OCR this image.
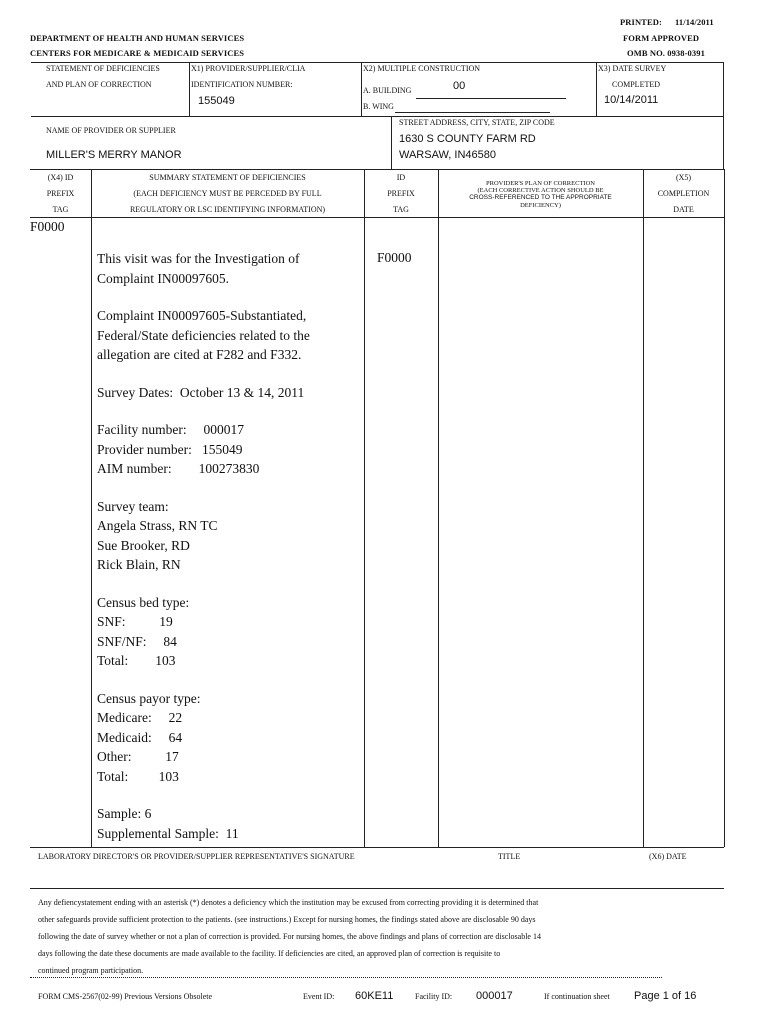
PRINTED: 11/14/2011
FORM APPROVED
OMB NO. 0938-0391
DEPARTMENT OF HEALTH AND HUMAN SERVICES
CENTERS FOR MEDICARE & MEDICAID SERVICES
STATEMENT OF DEFICIENCIES
AND PLAN OF CORRECTION
X1) PROVIDER/SUPPLIER/CLIA
IDENTIFICATION NUMBER:
155049
X2) MULTIPLE CONSTRUCTION
A. BUILDING	00
B. WING
X3) DATE SURVEY
COMPLETED
10/14/2011
NAME OF PROVIDER OR SUPPLIER
MILLER'S MERRY MANOR
STREET ADDRESS, CITY, STATE, ZIP CODE
1630 S COUNTY FARM RD
WARSAW, IN46580
(X4) ID
PREFIX
TAG
SUMMARY STATEMENT OF DEFICIENCIES
(EACH DEFICIENCY MUST BE PERCEDED BY FULL
REGULATORY OR LSC IDENTIFYING INFORMATION)
ID
PREFIX
TAG
PROVIDER'S PLAN OF CORRECTION
(EACH CORRECTIVE ACTION SHOULD BE
CROSS-REFERENCED TO THE APPROPRIATE
DEFICIENCY)
(X5)
COMPLETION
DATE
F0000
F0000

This visit was for the Investigation of
Complaint IN00097605.

Complaint IN00097605-Substantiated,
Federal/State deficiencies related to the
allegation are cited at F282 and F332.

Survey Dates:  October 13 & 14, 2011

Facility number:     000017
Provider number:   155049
AIM number:        100273830

Survey team:
Angela Strass, RN TC
Sue Brooker, RD
Rick Blain, RN

Census bed type:
SNF:          19
SNF/NF:     84
Total:        103

Census payor type:
Medicare:     22
Medicaid:     64
Other:          17
Total:         103

Sample: 6
Supplemental Sample:  11

LABORATORY DIRECTOR'S OR PROVIDER/SUPPLIER REPRESENTATIVE'S SIGNATURE	TITLE	(X6) DATE
Any defiencystatement ending with an asterisk (*) denotes a deficiency which the institution may be excused from correcting providing it is determined that
other safeguards provide sufficient protection to the patients. (see instructions.) Except for nursing homes, the findings stated above are disclosable 90 days
following the date of survey whether or not a plan of correction is provided. For nursing homes, the above findings and plans of correction are disclosable 14
days following the date these documents are made available to the facility. If deficiencies are cited, an approved plan of correction is requisite to
continued program participation.
FORM CMS-2567(02-99) Previous Versions Obsolete	Event ID: 60KE11	Facility ID: 000017	If continuation sheet Page 1 of 16
